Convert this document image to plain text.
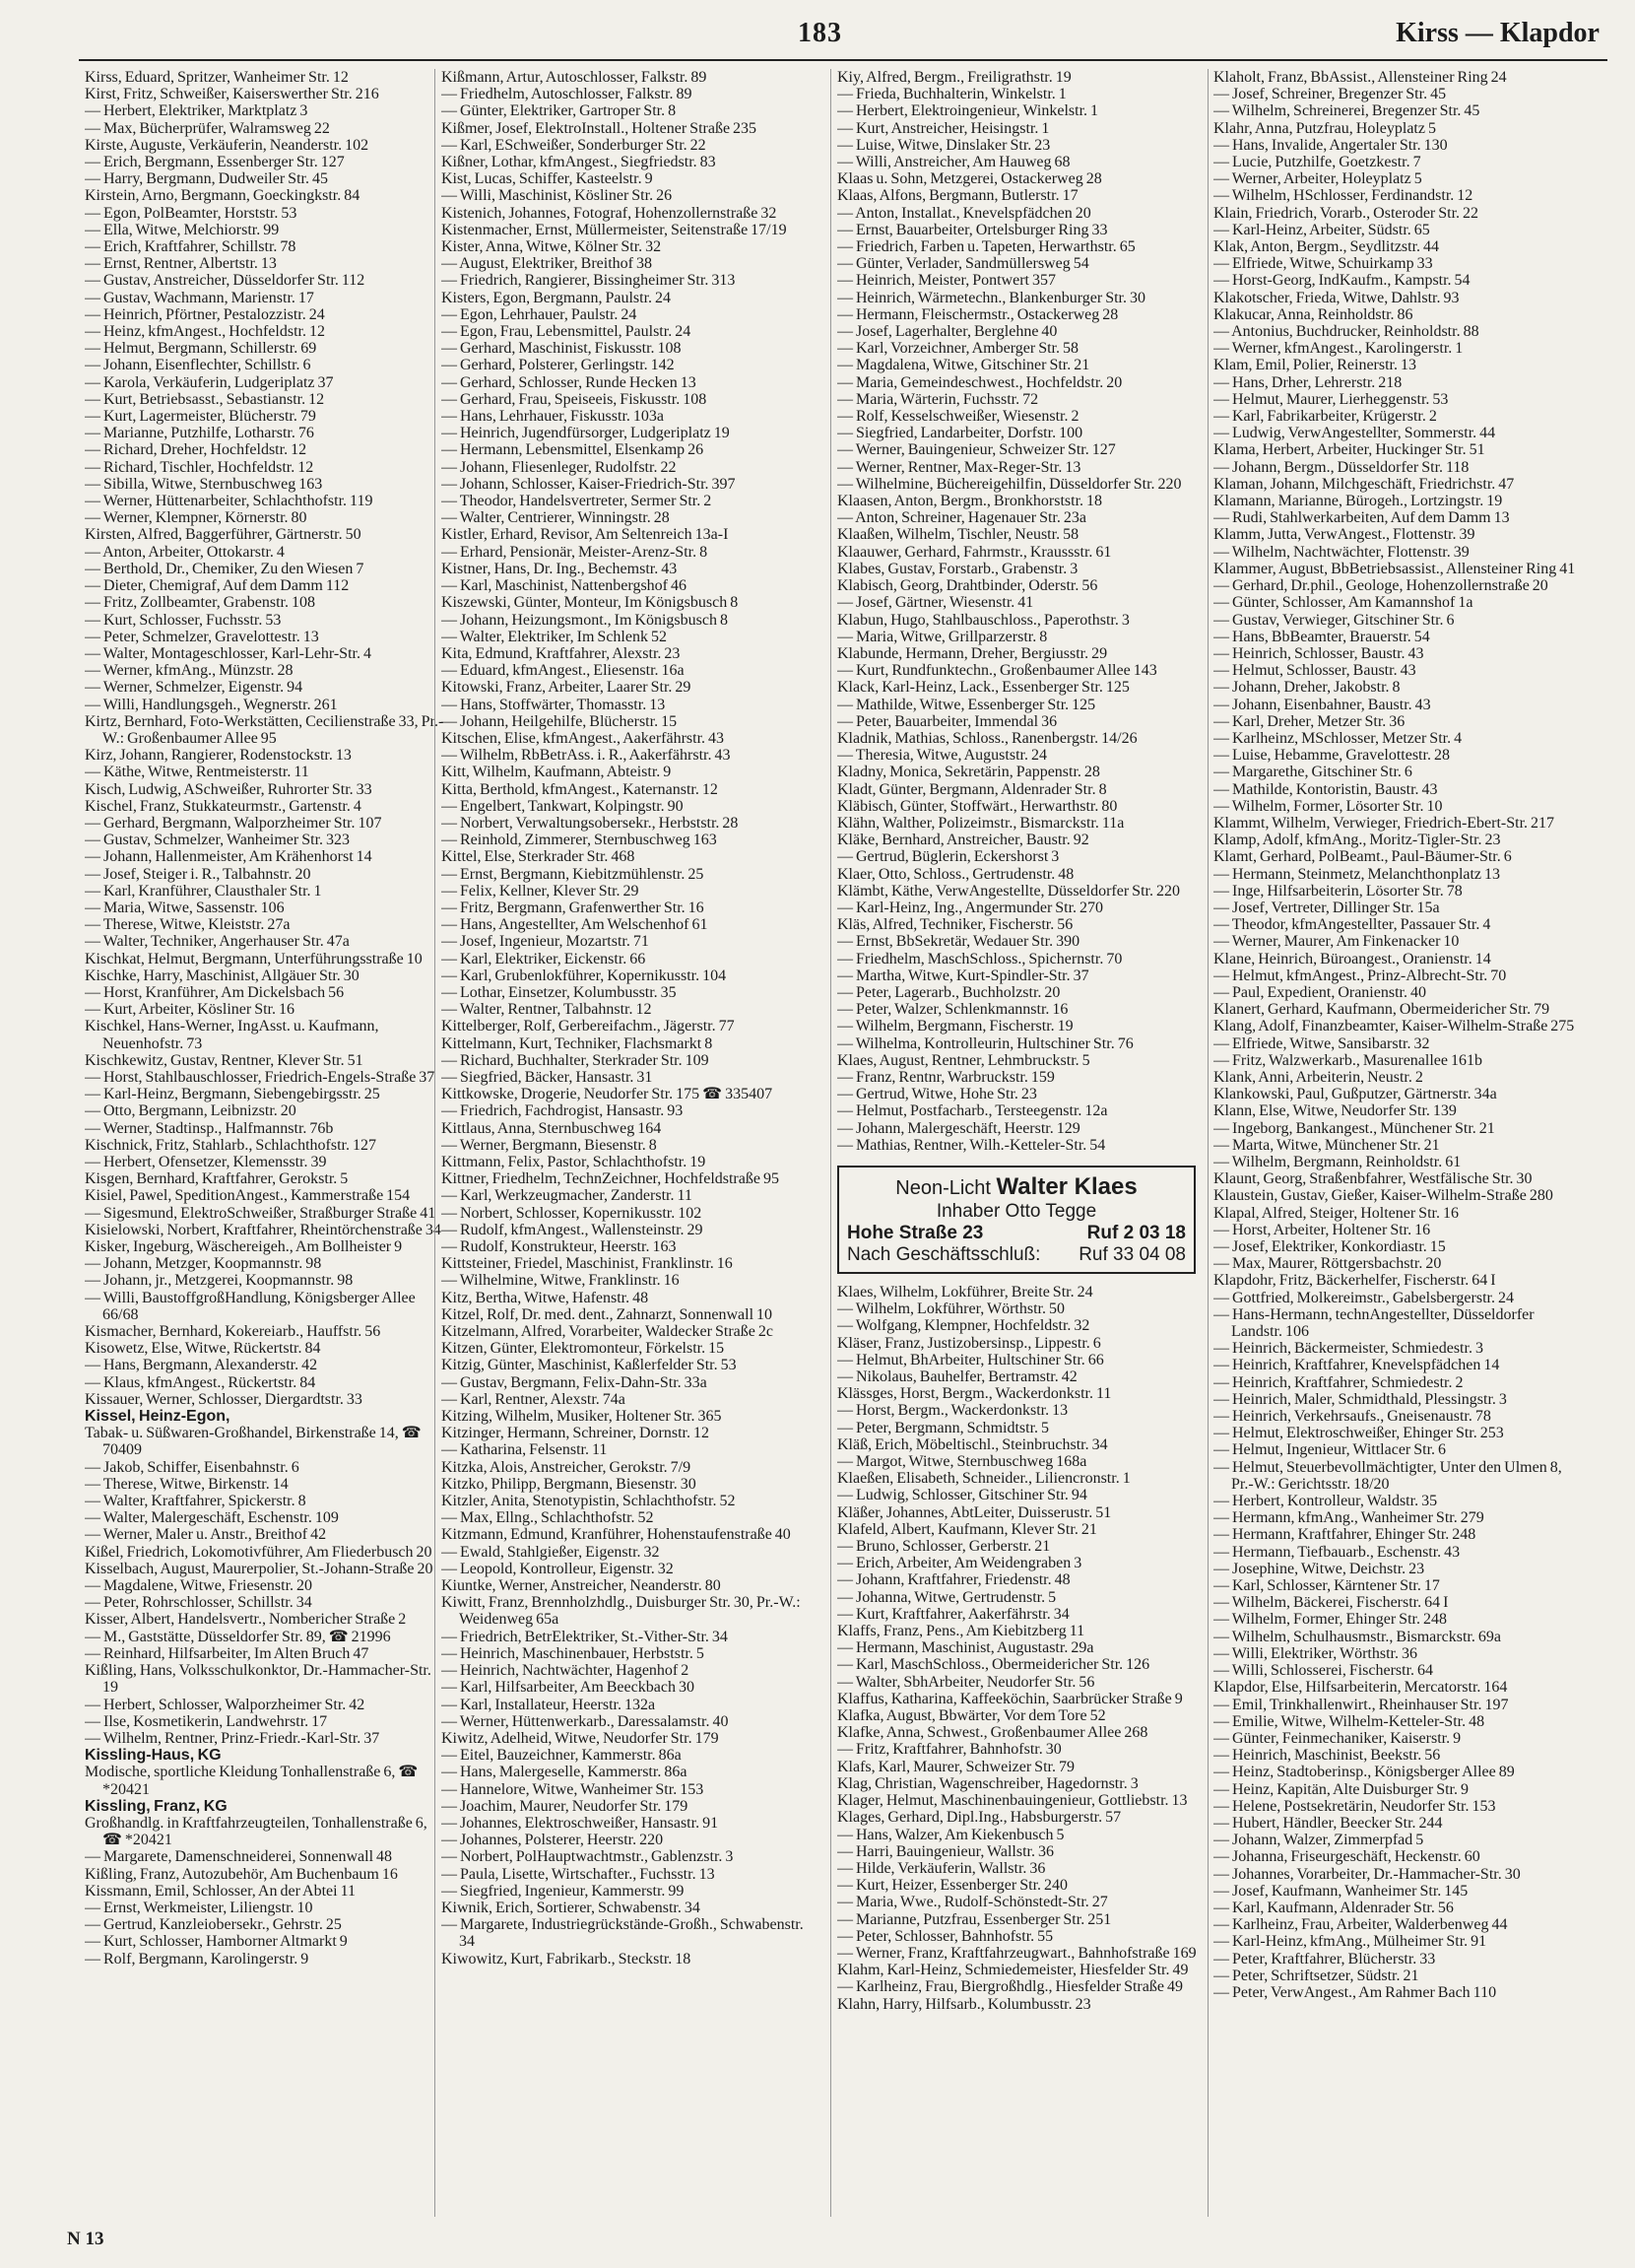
183	Kirss — Klapdor
Kirss, Eduard, Spritzer, Wanheimer Str. 12
Kirst, Fritz, Schweißer, Kaiserswerther Str. 216
— Herbert, Elektriker, Marktplatz 3
— Max, Bücherprüfer, Walramsweg 22
Kirste, Auguste, Verkäuferin, Neanderstr. 102
— Erich, Bergmann, Essenberger Str. 127
— Harry, Bergmann, Dudweiler Str. 45
Kirstein, Arno, Bergmann, Goeckingkstr. 84
— Egon, PolBeamter, Horststr. 53
— Ella, Witwe, Melchiorstr. 99
— Erich, Kraftfahrer, Schillstr. 78
— Ernst, Rentner, Albertstr. 13
— Gustav, Anstreicher, Düsseldorfer Str. 112
— Gustav, Wachmann, Marienstr. 17
— Heinrich, Pförtner, Pestalozzistr. 24
— Heinz, kfmAngest., Hochfeldstr. 12
— Helmut, Bergmann, Schillerstr. 69
— Johann, Eisenflechter, Schillstr. 6
— Karola, Verkäuferin, Ludgeriplatz 37
— Kurt, Betriebsasst., Sebastianstr. 12
— Kurt, Lagermeister, Blücherstr. 79
— Marianne, Putzhilfe, Lotharstr. 76
— Richard, Dreher, Hochfeldstr. 12
— Richard, Tischler, Hochfeldstr. 12
— Sibilla, Witwe, Sternbuschweg 163
— Werner, Hüttenarbeiter, Schlachthofstr. 119
— Werner, Klempner, Körnerstr. 80
Kirsten, Alfred, Baggerführer, Gärtnerstr. 50
— Anton, Arbeiter, Ottokarstr. 4
— Berthold, Dr., Chemiker, Zu den Wiesen 7
— Dieter, Chemigraf, Auf dem Damm 112
— Fritz, Zollbeamter, Grabenstr. 108
— Kurt, Schlosser, Fuchsstr. 53
— Peter, Schmelzer, Gravelottestr. 13
— Walter, Montageschlosser, Karl-Lehr-Str. 4
— Werner, kfmAng., Münzstr. 28
— Werner, Schmelzer, Eigenstr. 94
— Willi, Handlungsgeh., Wegnerstr. 261
Kirtz, Bernhard, Foto-Werkstätten, Cecilienstraße 33, Pr.-W.: Großenbaumer Allee 95
Kirz, Johann, Rangierer, Rodenstockstr. 13
— Käthe, Witwe, Rentmeisterstr. 11
Kisch, Ludwig, ASchweißer, Ruhrorter Str. 33
Kischel, Franz, Stukkateurmstr., Gartenstr. 4
— Gerhard, Bergmann, Walporzheimer Str. 107
— Gustav, Schmelzer, Wanheimer Str. 323
— Johann, Hallenmeister, Am Krähenhorst 14
— Josef, Steiger i. R., Talbahnstr. 20
— Karl, Kranführer, Clausthaler Str. 1
— Maria, Witwe, Sassenstr. 106
— Therese, Witwe, Kleiststr. 27a
— Walter, Techniker, Angerhauser Str. 47a
Kischkat, Helmut, Bergmann, Unterführungsstraße 10
Kischke, Harry, Maschinist, Allgäuer Str. 30
— Horst, Kranführer, Am Dickelsbach 56
— Kurt, Arbeiter, Kösliner Str. 16
Kischkel, Hans-Werner, IngAsst. u. Kaufmann, Neuenhofstr. 73
Kischkewitz, Gustav, Rentner, Klever Str. 51
— Horst, Stahlbauschlosser, Friedrich-Engels-Straße 37
— Karl-Heinz, Bergmann, Siebengebirgsstr. 25
— Otto, Bergmann, Leibnizstr. 20
— Werner, Stadtinsp., Halfmannstr. 76b
Kischnick, Fritz, Stahlarb., Schlachthofstr. 127
— Herbert, Ofensetzer, Klemensstr. 39
Kisgen, Bernhard, Kraftfahrer, Gerokstr. 5
Kisiel, Pawel, SpeditionAngest., Kammerstraße 154
— Sigesmund, ElektroSchweißer, Straßburger Straße 41
Kisielowski, Norbert, Kraftfahrer, Rheintörchenstraße 34
Kisker, Ingeburg, Wäschereigeh., Am Bollheister 9
— Johann, Metzger, Koopmannstr. 98
— Johann, jr., Metzgerei, Koopmannstr. 98
— Willi, BaustoffgroßHandlung, Königsberger Allee 66/68
Kismacher, Bernhard, Kokereiarb., Hauffstr. 56
Kisowetz, Else, Witwe, Rückertstr. 84
— Hans, Bergmann, Alexanderstr. 42
— Klaus, kfmAngest., Rückertstr. 84
Kissauer, Werner, Schlosser, Diergardtstr. 33
Kissel, Heinz-Egon,
Tabak- u. Süßwaren-Großhandel, Birkenstraße 14, ☎ 70409
— Jakob, Schiffer, Eisenbahnstr. 6
— Therese, Witwe, Birkenstr. 14
— Walter, Kraftfahrer, Spickerstr. 8
— Walter, Malergeschäft, Eschenstr. 109
— Werner, Maler u. Anstr., Breithof 42
Kißel, Friedrich, Lokomotivführer, Am Fliederbusch 20
Kisselbach, August, Maurerpolier, St.-Johann-Straße 20
— Magdalene, Witwe, Friesenstr. 20
— Peter, Rohrschlosser, Schillstr. 34
Kisser, Albert, Handelsvertr., Nombericher Straße 2
— M., Gaststätte, Düsseldorfer Str. 89, ☎ 21996
— Reinhard, Hilfsarbeiter, Im Alten Bruch 47
Kißling, Hans, Volksschulkonktor, Dr.-Hammacher-Str. 19
— Herbert, Schlosser, Walporzheimer Str. 42
— Ilse, Kosmetikerin, Landwehrstr. 17
— Wilhelm, Rentner, Prinz-Friedr.-Karl-Str. 37
Kissling-Haus, KG
Modische, sportliche Kleidung Tonhallenstraße 6, ☎ *20421
Kissling, Franz, KG
Großhandlg. in Kraftfahrzeugteilen, Tonhallenstraße 6, ☎ *20421
— Margarete, Damenschneiderei, Sonnenwall 48
Kißling, Franz, Autozubehör, Am Buchenbaum 16
Kissmann, Emil, Schlosser, An der Abtei 11
— Ernst, Werkmeister, Liliengstr. 10
— Gertrud, Kanzleiobersekr., Gehrstr. 25
— Kurt, Schlosser, Hamborner Altmarkt 9
— Rolf, Bergmann, Karolingerstr. 9
Kißmann, Artur, Autoschlosser, Falkstr. 89
— Friedhelm, Autoschlosser, Falkstr. 89
— Günter, Elektriker, Gartroper Str. 8
Kißmer, Josef, ElektroInstall., Holtener Straße 235
— Karl, ESchweißer, Sonderburger Str. 22
Kißner, Lothar, kfmAngest., Siegfriedstr. 83
Kist, Lucas, Schiffer, Kasteelstr. 9
— Willi, Maschinist, Kösliner Str. 26
Kistenich, Johannes, Fotograf, Hohenzollernstraße 32
Kistenmacher, Ernst, Müllermeister, Seitenstraße 17/19
Kister, Anna, Witwe, Kölner Str. 32
— August, Elektriker, Breithof 38
— Friedrich, Rangierer, Bissingheimer Str. 313
Kisters, Egon, Bergmann, Paulstr. 24
— Egon, Lehrhauer, Paulstr. 24
— Egon, Frau, Lebensmittel, Paulstr. 24
— Gerhard, Maschinist, Fiskusstr. 108
— Gerhard, Polsterer, Gerlingstr. 142
— Gerhard, Schlosser, Runde Hecken 13
— Gerhard, Frau, Speiseeis, Fiskusstr. 108
— Hans, Lehrhauer, Fiskusstr. 103a
— Heinrich, Jugendfürsorger, Ludgeriplatz 19
— Hermann, Lebensmittel, Elsenkamp 26
— Johann, Fliesenleger, Rudolfstr. 22
— Johann, Schlosser, Kaiser-Friedrich-Str. 397
— Theodor, Handelsvertreter, Sermer Str. 2
— Walter, Centrierer, Winningstr. 28
Kistler, Erhard, Revisor, Am Seltenreich 13a-I
— Erhard, Pensionär, Meister-Arenz-Str. 8
Kistner, Hans, Dr. Ing., Bechemstr. 43
— Karl, Maschinist, Nattenbergshof 46
Kiszewski, Günter, Monteur, Im Königsbusch 8
— Johann, Heizungsmont., Im Königsbusch 8
— Walter, Elektriker, Im Schlenk 52
Kita, Edmund, Kraftfahrer, Alexstr. 23
— Eduard, kfmAngest., Eliesenstr. 16a
Kitowski, Franz, Arbeiter, Laarer Str. 29
— Hans, Stoffwärter, Thomasstr. 13
— Johann, Heilgehilfe, Blücherstr. 15
Kitschen, Elise, kfmAngest., Aakerfährstr. 43
— Wilhelm, RbBetrAss. i. R., Aakerfährstr. 43
Kitt, Wilhelm, Kaufmann, Abteistr. 9
Kitta, Berthold, kfmAngest., Katernanstr. 12
— Engelbert, Tankwart, Kolpingstr. 90
— Norbert, Verwaltungsobersekr., Herbststr. 28
— Reinhold, Zimmerer, Sternbuschweg 163
Kittel, Else, Sterkrader Str. 468
— Ernst, Bergmann, Kiebitzmühlenstr. 25
— Felix, Kellner, Klever Str. 29
— Fritz, Bergmann, Grafenwerther Str. 16
— Hans, Angestellter, Am Welschenhof 61
— Josef, Ingenieur, Mozartstr. 71
— Karl, Elektriker, Eickenstr. 66
— Karl, Grubenlokführer, Kopernikusstr. 104
— Lothar, Einsetzer, Kolumbusstr. 35
— Walter, Rentner, Talbahnstr. 12
Kittelberger, Rolf, Gerbereifachm., Jägerstr. 77
Kittelmann, Kurt, Techniker, Flachsmarkt 8
— Richard, Buchhalter, Sterkrader Str. 109
— Siegfried, Bäcker, Hansastr. 31
Kittkowske, Drogerie, Neudorfer Str. 175 ☎ 335407
— Friedrich, Fachdrogist, Hansastr. 93
Kittlaus, Anna, Sternbuschweg 164
— Werner, Bergmann, Biesenstr. 8
Kittmann, Felix, Pastor, Schlachthofstr. 19
Kittner, Friedhelm, TechnZeichner, Hochfeldstraße 95
— Karl, Werkzeugmacher, Zanderstr. 11
— Norbert, Schlosser, Kopernikusstr. 102
— Rudolf, kfmAngest., Wallensteinstr. 29
— Rudolf, Konstrukteur, Heerstr. 163
Kittsteiner, Friedel, Maschinist, Franklinstr. 16
— Wilhelmine, Witwe, Franklinstr. 16
Kitz, Bertha, Witwe, Hafenstr. 48
Kitzel, Rolf, Dr. med. dent., Zahnarzt, Sonnenwall 10
Kitzelmann, Alfred, Vorarbeiter, Waldecker Straße 2c
Kitzen, Günter, Elektromonteur, Förkelstr. 15
Kitzig, Günter, Maschinist, Kaßlerfelder Str. 53
— Gustav, Bergmann, Felix-Dahn-Str. 33a
— Karl, Rentner, Alexstr. 74a
Kitzing, Wilhelm, Musiker, Holtener Str. 365
Kitzinger, Hermann, Schreiner, Dornstr. 12
— Katharina, Felsenstr. 11
Kitzka, Alois, Anstreicher, Gerokstr. 7/9
Kitzko, Philipp, Bergmann, Biesenstr. 30
Kitzler, Anita, Stenotypistin, Schlachthofstr. 52
— Max, Ellng., Schlachthofstr. 52
Kitzmann, Edmund, Kranführer, Hohenstaufenstraße 40
— Ewald, Stahlgießer, Eigenstr. 32
— Leopold, Kontrolleur, Eigenstr. 32
Kiuntke, Werner, Anstreicher, Neanderstr. 80
Kiwitt, Franz, Brennholzhdlg., Duisburger Str. 30, Pr.-W.: Weidenweg 65a
— Friedrich, BetrElektriker, St.-Vither-Str. 34
— Heinrich, Maschinenbauer, Herbststr. 5
— Heinrich, Nachtwächter, Hagenhof 2
— Karl, Hilfsarbeiter, Am Beeckbach 30
— Karl, Installateur, Heerstr. 132a
— Werner, Hüttenwerkarb., Daressalamstr. 40
Kiwitz, Adelheid, Witwe, Neudorfer Str. 179
— Eitel, Bauzeichner, Kammerstr. 86a
— Hans, Malergeselle, Kammerstr. 86a
— Hannelore, Witwe, Wanheimer Str. 153
— Joachim, Maurer, Neudorfer Str. 179
— Johannes, Elektroschweißer, Hansastr. 91
— Johannes, Polsterer, Heerstr. 220
— Norbert, PolHauptwachtmstr., Gablenzstr. 3
— Paula, Lisette, Wirtschafter., Fuchsstr. 13
— Siegfried, Ingenieur, Kammerstr. 99
Kiwnik, Erich, Sortierer, Schwabenstr. 34
— Margarete, Industriegrückstände-Großh., Schwabenstr. 34
Kiwowitz, Kurt, Fabrikarb., Steckstr. 18
Kiy, Alfred, Bergm., Freiligrathstr. 19
— Frieda, Buchhalterin, Winkelstr. 1
— Herbert, Elektroingenieur, Winkelstr. 1
— Kurt, Anstreicher, Heisingstr. 1
— Luise, Witwe, Dinslaker Str. 23
— Willi, Anstreicher, Am Hauweg 68
Klaas u. Sohn, Metzgerei, Ostackerweg 28
Klaas, Alfons, Bergmann, Butlerstr. 17
— Anton, Installat., Knevelspfädchen 20
— Ernst, Bauarbeiter, Ortelsburger Ring 33
— Friedrich, Farben u. Tapeten, Herwarthstr. 65
— Günter, Verlader, Sandmüllersweg 54
— Heinrich, Meister, Pontwert 357
— Heinrich, Wärmetechn., Blankenburger Str. 30
— Hermann, Fleischermstr., Ostackerweg 28
— Josef, Lagerhalter, Berglehne 40
— Karl, Vorzeichner, Amberger Str. 58
— Magdalena, Witwe, Gitschiner Str. 21
— Maria, Gemeindeschwest., Hochfeldstr. 20
— Maria, Wärterin, Fuchsstr. 72
— Rolf, Kesselschweißer, Wiesenstr. 2
— Siegfried, Landarbeiter, Dorfstr. 100
— Werner, Bauingenieur, Schweizer Str. 127
— Werner, Rentner, Max-Reger-Str. 13
— Wilhelmine, Büchereigehilfin, Düsseldorfer Str. 220
Klaasen, Anton, Bergm., Bronkhorststr. 18
— Anton, Schreiner, Hagenauer Str. 23a
Klaaßen, Wilhelm, Tischler, Neustr. 58
Klaauwer, Gerhard, Fahrmstr., Kraussstr. 61
Klabes, Gustav, Forstarb., Grabenstr. 3
Klabisch, Georg, Drahtbinder, Oderstr. 56
— Josef, Gärtner, Wiesenstr. 41
Klabun, Hugo, Stahlbauschloss., Paperothstr. 3
— Maria, Witwe, Grillparzerstr. 8
Klabunde, Hermann, Dreher, Bergiusstr. 29
— Kurt, Rundfunktechn., Großenbaumer Allee 143
Klack, Karl-Heinz, Lack., Essenberger Str. 125
— Mathilde, Witwe, Essenberger Str. 125
— Peter, Bauarbeiter, Immendal 36
Kladnik, Mathias, Schloss., Ranenbergstr. 14/26
— Theresia, Witwe, Auguststr. 24
Kladny, Monica, Sekretärin, Pappenstr. 28
Kladt, Günter, Bergmann, Aldenrader Str. 8
Kläbisch, Günter, Stoffwärt., Herwarthstr. 80
Klähn, Walther, Polizeimstr., Bismarckstr. 11a
Kläke, Bernhard, Anstreicher, Baustr. 92
— Gertrud, Büglerin, Eckershorst 3
Klaer, Otto, Schloss., Gertrudenstr. 48
Klämbt, Käthe, VerwAngestellte, Düsseldorfer Str. 220
— Karl-Heinz, Ing., Angermunder Str. 270
Kläs, Alfred, Techniker, Fischerstr. 56
— Ernst, BbSekretär, Wedauer Str. 390
— Friedhelm, MaschSchloss., Spichernstr. 70
— Martha, Witwe, Kurt-Spindler-Str. 37
— Peter, Lagerarb., Buchholzstr. 20
— Peter, Walzer, Schlenkmannstr. 16
— Wilhelm, Bergmann, Fischerstr. 19
— Wilhelma, Kontrolleurin, Hultschiner Str. 76
Klaes, August, Rentner, Lehmbruckstr. 5
— Franz, Rentnr, Warbruckstr. 159
— Gertrud, Witwe, Hohe Str. 23
— Helmut, Postfacharb., Tersteegenstr. 12a
— Johann, Malergeschäft, Heerstr. 129
— Mathias, Rentner, Wilh.-Ketteler-Str. 54
Neon-Licht Walter Klaes
Inhaber Otto Tegge
Hohe Straße 23	Ruf 2 03 18
Nach Geschäftsschluß: Ruf 33 04 08
Klaes, Wilhelm, Lokführer, Breite Str. 24
— Wilhelm, Lokführer, Wörthstr. 50
— Wolfgang, Klempner, Hochfeldstr. 32
Kläser, Franz, Justizobersinsp., Lippestr. 6
— Helmut, BhArbeiter, Hultschiner Str. 66
— Nikolaus, Bauhelfer, Bertramstr. 42
Klässges, Horst, Bergm., Wackerdonkstr. 11
— Horst, Bergm., Wackerdonkstr. 13
— Peter, Bergmann, Schmidtstr. 5
Kläß, Erich, Möbeltischl., Steinbruchstr. 34
— Margot, Witwe, Sternbuschweg 168a
Klaeßen, Elisabeth, Schneider., Liliencronstr. 1
— Ludwig, Schlosser, Gitschiner Str. 94
Kläßer, Johannes, AbtLeiter, Duisserustr. 51
Klafeld, Albert, Kaufmann, Klever Str. 21
— Bruno, Schlosser, Gerberstr. 21
— Erich, Arbeiter, Am Weidengraben 3
— Johann, Kraftfahrer, Friedenstr. 48
— Johanna, Witwe, Gertrudenstr. 5
— Kurt, Kraftfahrer, Aakerfährstr. 34
Klaffs, Franz, Pens., Am Kiebitzberg 11
— Hermann, Maschinist, Augustastr. 29a
— Karl, MaschSchloss., Obermeidericher Str. 126
— Walter, SbhArbeiter, Neudorfer Str. 56
Klaffus, Katharina, Kaffeeköchin, Saarbrücker Straße 9
Klafka, August, Bbwärter, Vor dem Tore 52
Klafke, Anna, Schwest., Großenbaumer Allee 268
— Fritz, Kraftfahrer, Bahnhofstr. 30
Klafs, Karl, Maurer, Schweizer Str. 79
Klag, Christian, Wagenschreiber, Hagedornstr. 3
Klager, Helmut, Maschinenbauingenieur, Gottliebstr. 13
Klages, Gerhard, Dipl.Ing., Habsburgerstr. 57
— Hans, Walzer, Am Kiekenbusch 5
— Harri, Bauingenieur, Wallstr. 36
— Hilde, Verkäuferin, Wallstr. 36
— Kurt, Heizer, Essenberger Str. 240
— Maria, Wwe., Rudolf-Schönstedt-Str. 27
— Marianne, Putzfrau, Essenberger Str. 251
— Peter, Schlosser, Bahnhofstr. 55
— Werner, Franz, Kraftfahrzeugwart., Bahnhofstraße 169
Klahm, Karl-Heinz, Schmiedemeister, Hiesfelder Str. 49
— Karlheinz, Frau, Biergroßhdlg., Hiesfelder Straße 49
Klahn, Harry, Hilfsarb., Kolumbusstr. 23
Klaholt, Franz, BbAssist., Allensteiner Ring 24
— Josef, Schreiner, Bregenzer Str. 45
— Wilhelm, Schreinerei, Bregenzer Str. 45
Klahr, Anna, Putzfrau, Holeyplatz 5
— Hans, Invalide, Angertaler Str. 130
— Lucie, Putzhilfe, Goetzkestr. 7
— Werner, Arbeiter, Holeyplatz 5
— Wilhelm, HSchlosser, Ferdinandstr. 12
Klain, Friedrich, Vorarb., Osteroder Str. 22
— Karl-Heinz, Arbeiter, Südstr. 65
Klak, Anton, Bergm., Seydlitzstr. 44
— Elfriede, Witwe, Schuirkamp 33
— Horst-Georg, IndKaufm., Kampstr. 54
Klakotscher, Frieda, Witwe, Dahlstr. 93
Klakucar, Anna, Reinholdstr. 86
— Antonius, Buchdrucker, Reinholdstr. 88
— Werner, kfmAngest., Karolingerstr. 1
Klam, Emil, Polier, Reinerstr. 13
— Hans, Drher, Lehrerstr. 218
— Helmut, Maurer, Lierheggenstr. 53
— Karl, Fabrikarbeiter, Krügerstr. 2
— Ludwig, VerwAngestellter, Sommerstr. 44
Klama, Herbert, Arbeiter, Huckinger Str. 51
— Johann, Bergm., Düsseldorfer Str. 118
Klaman, Johann, Milchgeschäft, Friedrichstr. 47
Klamann, Marianne, Bürogeh., Lortzingstr. 19
— Rudi, Stahlwerkarbeiten, Auf dem Damm 13
Klamm, Jutta, VerwAngest., Flottenstr. 39
— Wilhelm, Nachtwächter, Flottenstr. 39
Klammer, August, BbBetriebsassist., Allensteiner Ring 41
— Gerhard, Dr.phil., Geologe, Hohenzollernstraße 20
— Günter, Schlosser, Am Kamannshof 1a
— Gustav, Verwieger, Gitschiner Str. 6
— Hans, BbBeamter, Brauerstr. 54
— Heinrich, Schlosser, Baustr. 43
— Helmut, Schlosser, Baustr. 43
— Johann, Dreher, Jakobstr. 8
— Johann, Eisenbahner, Baustr. 43
— Karl, Dreher, Metzer Str. 36
— Karlheinz, MSchlosser, Metzer Str. 4
— Luise, Hebamme, Gravelottestr. 28
— Margarethe, Gitschiner Str. 6
— Mathilde, Kontoristin, Baustr. 43
— Wilhelm, Former, Lösorter Str. 10
Klammt, Wilhelm, Verwieger, Friedrich-Ebert-Str. 217
Klamp, Adolf, kfmAng., Moritz-Tigler-Str. 23
Klamt, Gerhard, PolBeamt., Paul-Bäumer-Str. 6
— Hermann, Steinmetz, Melanchthonplatz 13
— Inge, Hilfsarbeiterin, Lösorter Str. 78
— Josef, Vertreter, Dillinger Str. 15a
— Theodor, kfmAngestellter, Passauer Str. 4
— Werner, Maurer, Am Finkenacker 10
Klane, Heinrich, Büroangest., Oranienstr. 14
— Helmut, kfmAngest., Prinz-Albrecht-Str. 70
— Paul, Expedient, Oranienstr. 40
Klanert, Gerhard, Kaufmann, Obermeidericher Str. 79
Klang, Adolf, Finanzbeamter, Kaiser-Wilhelm-Straße 275
— Elfriede, Witwe, Sansibarstr. 32
— Fritz, Walzwerkarb., Masurenallee 161b
Klank, Anni, Arbeiterin, Neustr. 2
Klankowski, Paul, Gußputzer, Gärtnerstr. 34a
Klann, Else, Witwe, Neudorfer Str. 139
— Ingeborg, Bankangest., Münchener Str. 21
— Marta, Witwe, Münchener Str. 21
— Wilhelm, Bergmann, Reinholdstr. 61
Klaunt, Georg, Straßenbfahrer, Westfälische Str. 30
Klaustein, Gustav, Gießer, Kaiser-Wilhelm-Straße 280
Klapal, Alfred, Steiger, Holtener Str. 16
— Horst, Arbeiter, Holtener Str. 16
— Josef, Elektriker, Konkordiastr. 15
— Max, Maurer, Röttgersbachstr. 20
Klapdohr, Fritz, Bäckerhelfer, Fischerstr. 64 I
— Gottfried, Molkereimstr., Gabelsbergerstr. 24
— Hans-Hermann, technAngestellter, Düsseldorfer Landstr. 106
— Heinrich, Bäckermeister, Schmiedestr. 3
— Heinrich, Kraftfahrer, Knevelspfädchen 14
— Heinrich, Kraftfahrer, Schmiedestr. 2
— Heinrich, Maler, Schmidthald, Plessingstr. 3
— Heinrich, Verkehrsaufs., Gneisenaustr. 78
— Helmut, Elektroschweißer, Ehinger Str. 253
— Helmut, Ingenieur, Wittlacer Str. 6
— Helmut, Steuerbevollmächtigter, Unter den Ulmen 8, Pr.-W.: Gerichtsstr. 18/20
— Herbert, Kontrolleur, Waldstr. 35
— Hermann, kfmAng., Wanheimer Str. 279
— Hermann, Kraftfahrer, Ehinger Str. 248
— Hermann, Tiefbauarb., Eschenstr. 43
— Josephine, Witwe, Deichstr. 23
— Karl, Schlosser, Kärntener Str. 17
— Wilhelm, Bäckerei, Fischerstr. 64 I
— Wilhelm, Former, Ehinger Str. 248
— Wilhelm, Schulhausmstr., Bismarckstr. 69a
— Willi, Elektriker, Wörthstr. 36
— Willi, Schlosserei, Fischerstr. 64
Klapdor, Else, Hilfsarbeiterin, Mercatorstr. 164
— Emil, Trinkhallenwirt., Rheinhauser Str. 197
— Emilie, Witwe, Wilhelm-Ketteler-Str. 48
— Günter, Feinmechaniker, Kaiserstr. 9
— Heinrich, Maschinist, Beekstr. 56
— Heinz, Stadtoberinsp., Königsberger Allee 89
— Heinz, Kapitän, Alte Duisburger Str. 9
— Helene, Postsekretärin, Neudorfer Str. 153
— Hubert, Händler, Beecker Str. 244
— Johann, Walzer, Zimmerpfad 5
— Johanna, Friseurgeschäft, Heckenstr. 60
— Johannes, Vorarbeiter, Dr.-Hammacher-Str. 30
— Josef, Kaufmann, Wanheimer Str. 145
— Karl, Kaufmann, Aldenrader Str. 56
— Karlheinz, Frau, Arbeiter, Walderbenweg 44
— Karl-Heinz, kfmAng., Mülheimer Str. 91
— Peter, Kraftfahrer, Blücherstr. 33
— Peter, Schriftsetzer, Südstr. 21
— Peter, VerwAngest., Am Rahmer Bach 110
N 13
